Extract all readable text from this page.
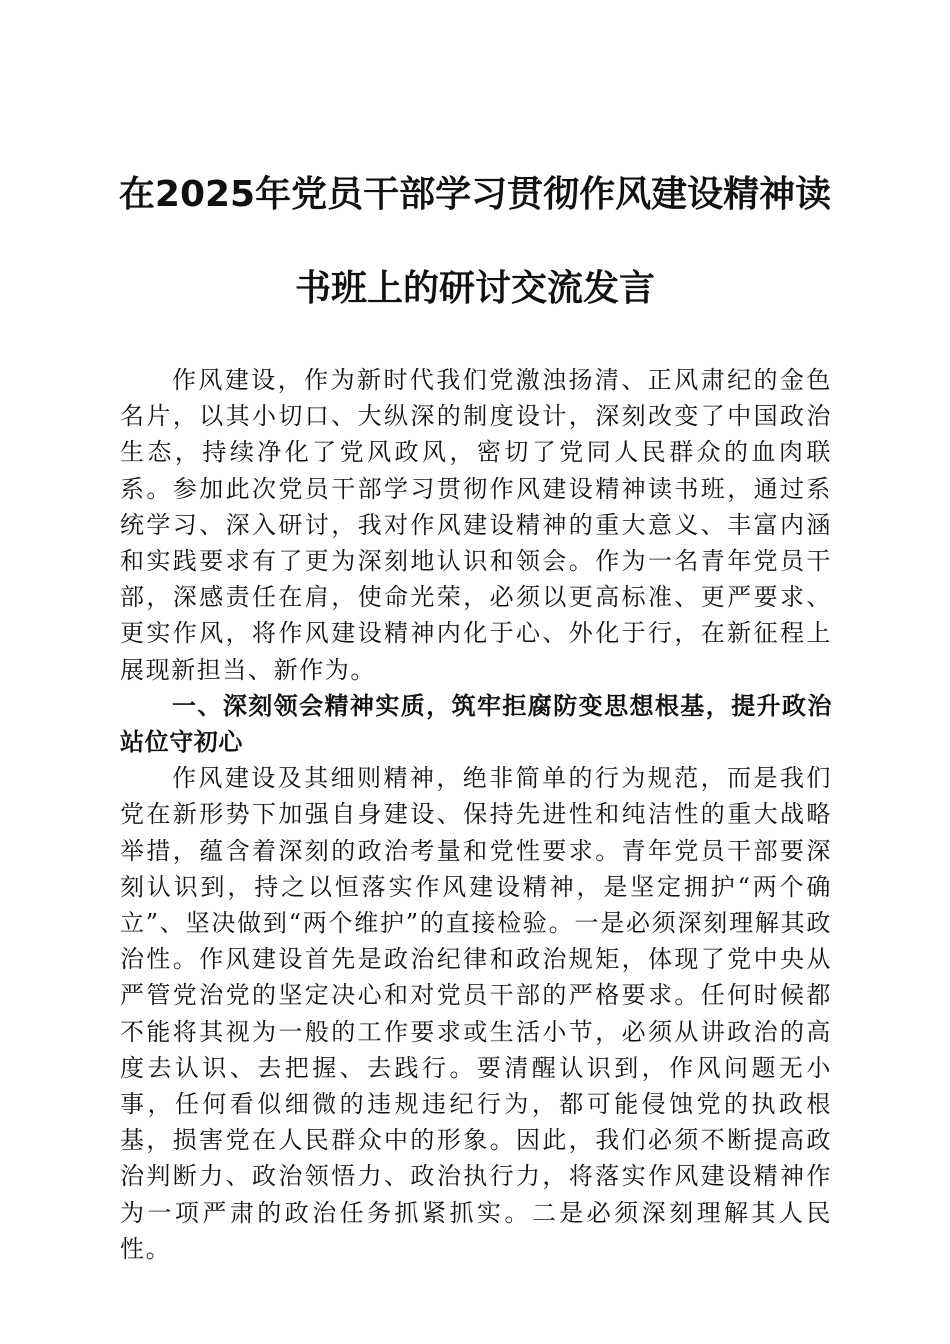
在2025年党员干部学习贯彻作风建设精神读
书班上的研讨交流发言

作风建设，作为新时代我们党激浊扬清、正风肃纪的金色名片，以其小切口、大纵深的制度设计，深刻改变了中国政治生态，持续净化了党风政风，密切了党同人民群众的血肉联系。参加此次党员干部学习贯彻作风建设精神读书班，通过系统学习、深入研讨，我对作风建设精神的重大意义、丰富内涵和实践要求有了更为深刻地认识和领会。作为一名青年党员干部，深感责任在肩，使命光荣，必须以更高标准、更严要求、更实作风，将作风建设精神内化于心、外化于行，在新征程上展现新担当、新作为。

一、深刻领会精神实质，筑牢拒腐防变思想根基，提升政治站位守初心

作风建设及其细则精神，绝非简单的行为规范，而是我们党在新形势下加强自身建设、保持先进性和纯洁性的重大战略举措，蕴含着深刻的政治考量和党性要求。青年党员干部要深刻认识到，持之以恒落实作风建设精神，是坚定拥护“两个确立”、坚决做到“两个维护”的直接检验。一是必须深刻理解其政治性。作风建设首先是政治纪律和政治规矩，体现了党中央从严管党治党的坚定决心和对党员干部的严格要求。任何时候都不能将其视为一般的工作要求或生活小节，必须从讲政治的高度去认识、去把握、去践行。要清醒认识到，作风问题无小事，任何看似细微的违规违纪行为，都可能侵蚀党的执政根基，损害党在人民群众中的形象。因此，我们必须不断提高政治判断力、政治领悟力、政治执行力，将落实作风建设精神作为一项严肃的政治任务抓紧抓实。二是必须深刻理解其人民性。
